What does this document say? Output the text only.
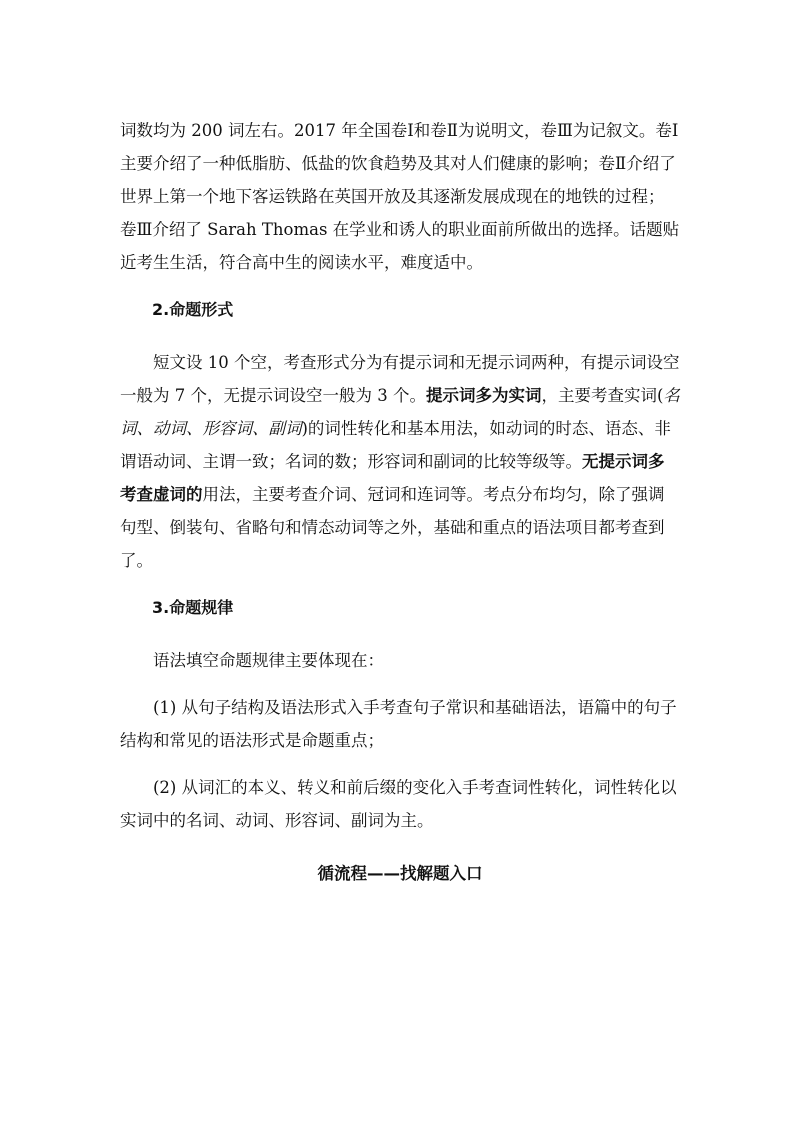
词数均为 200 词左右。2017 年全国卷Ⅰ和卷Ⅱ为说明文，卷Ⅲ为记叙文。卷Ⅰ主要介绍了一种低脂肪、低盐的饮食趋势及其对人们健康的影响；卷Ⅱ介绍了世界上第一个地下客运铁路在英国开放及其逐渐发展成现在的地铁的过程；卷Ⅲ介绍了 Sarah Thomas 在学业和诱人的职业面前所做出的选择。话题贴近考生生活，符合高中生的阅读水平，难度适中。

2.命题形式

短文设 10 个空，考查形式分为有提示词和无提示词两种，有提示词设空一般为 7 个，无提示词设空一般为 3 个。提示词多为实词，主要考查实词(名词、动词、形容词、副词)的词性转化和基本用法，如动词的时态、语态、非谓语动词、主谓一致；名词的数；形容词和副词的比较等级等。无提示词多考查虚词的用法，主要考查介词、冠词和连词等。考点分布均匀，除了强调句型、倒装句、省略句和情态动词等之外，基础和重点的语法项目都考查到了。

3.命题规律

语法填空命题规律主要体现在：

(1) 从句子结构及语法形式入手考查句子常识和基础语法，语篇中的句子结构和常见的语法形式是命题重点；

(2) 从词汇的本义、转义和前后缀的变化入手考查词性转化，词性转化以实词中的名词、动词、形容词、副词为主。

循流程——找解题入口
